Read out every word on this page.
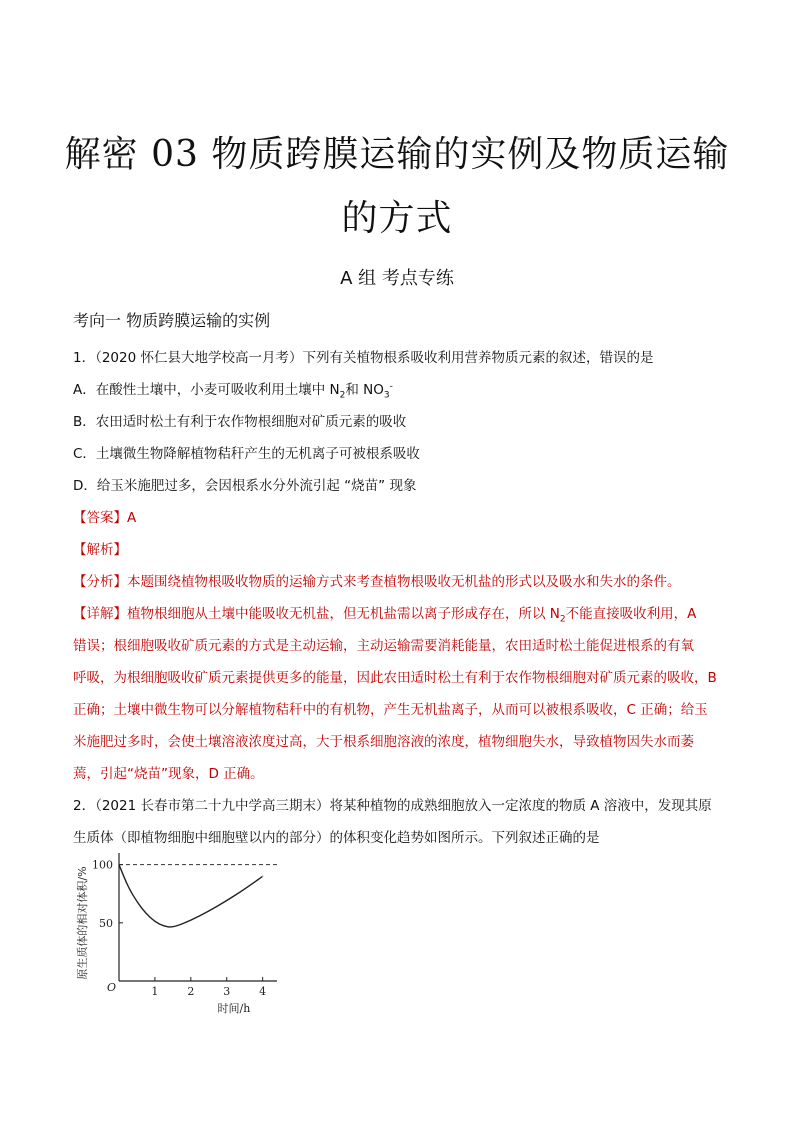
解密 03 物质跨膜运输的实例及物质运输
的方式
A 组 考点专练
考向一 物质跨膜运输的实例
1．（2020 怀仁县大地学校高一月考）下列有关植物根系吸收利用营养物质元素的叙述，错误的是
A．在酸性土壤中，小麦可吸收利用土壤中 $N_2$和 $NO_3^-$
B．农田适时松土有利于农作物根细胞对矿质元素的吸收
C．土壤微生物降解植物秸秆产生的无机离子可被根系吸收
D．给玉米施肥过多，会因根系水分外流引起 “烧苗” 现象
【答案】A
【解析】
【分析】本题围绕植物根吸收物质的运输方式来考查植物根吸收无机盐的形式以及吸水和失水的条件。
【详解】植物根细胞从土壤中能吸收无机盐，但无机盐需以离子形成存在，所以 $N_2$不能直接吸收利用，A
错误；根细胞吸收矿质元素的方式是主动运输，主动运输需要消耗能量，农田适时松土能促进根系的有氧
呼吸，为根细胞吸收矿质元素提供更多的能量，因此农田适时松土有利于农作物根细胞对矿质元素的吸收，B
正确；土壤中微生物可以分解植物秸秆中的有机物，产生无机盐离子，从而可以被根系吸收，C 正确；给玉
米施肥过多时，会使土壤溶液浓度过高，大于根系细胞溶液的浓度，植物细胞失水，导致植物因失水而萎
蔫，引起“烧苗”现象，D 正确。
2．（2021 长春市第二十九中学高三期末）将某种植物的成熟细胞放入一定浓度的物质 A 溶液中，发现其原
生质体（即植物细胞中细胞壁以内的部分）的体积变化趋势如图所示。下列叙述正确的是
50
100
1	2	3	4
O
时间/h
原生质体的相对体积/%
